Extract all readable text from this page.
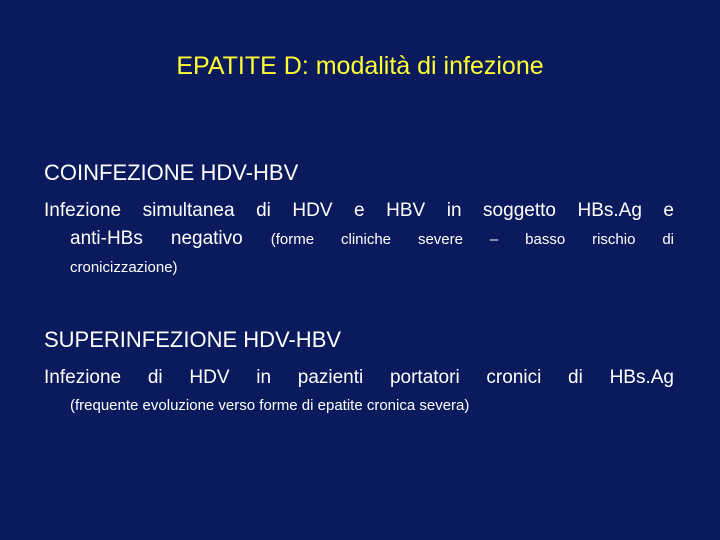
EPATITE D: modalità di infezione
COINFEZIONE HDV-HBV
Infezione simultanea di HDV e HBV in soggetto HBs.Ag e
anti-HBs negativo (forme cliniche severe – basso rischio di
cronicizzazione)
SUPERINFEZIONE HDV-HBV
Infezione di HDV in pazienti portatori cronici di HBs.Ag
(frequente evoluzione verso forme di epatite cronica severa)
